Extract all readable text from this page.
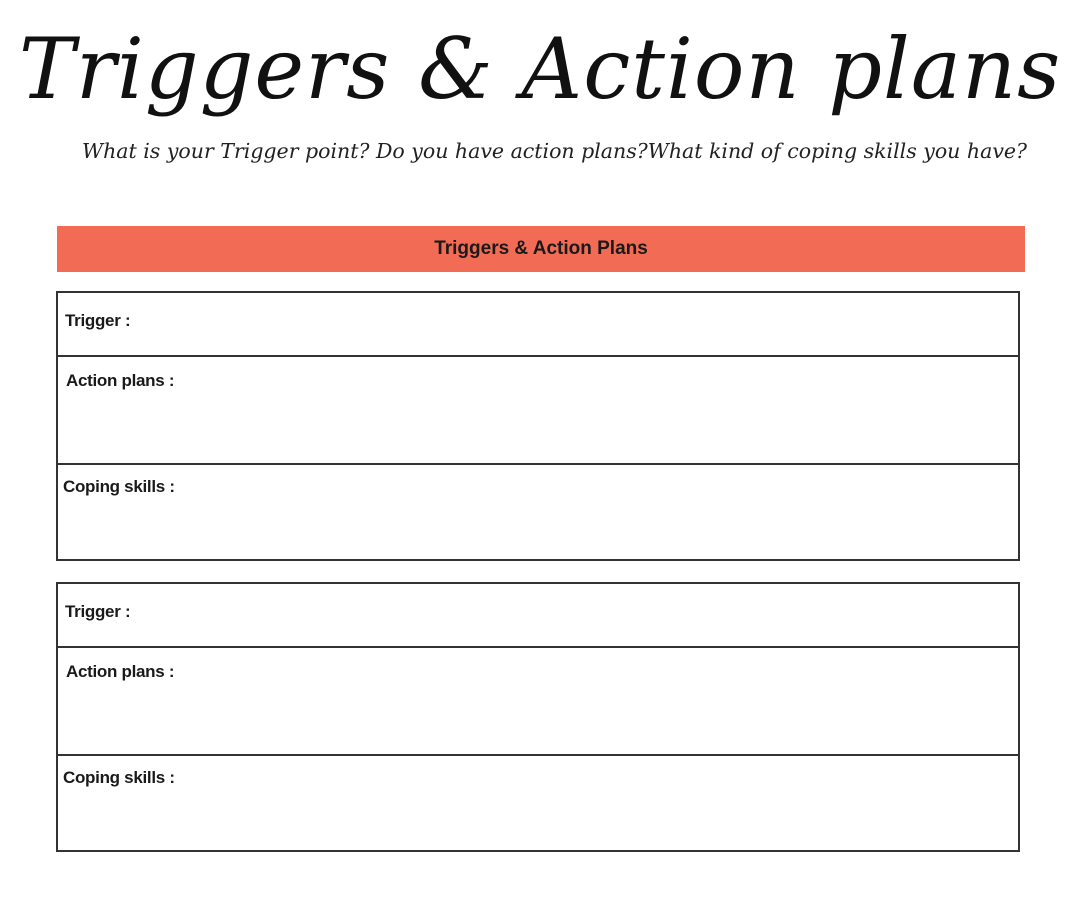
Triggers & Action plans

What is your Trigger point? Do you have action plans?What kind of coping skills you have?

Triggers & Action Plans
Trigger :
Action plans :
Coping skills :
Trigger :
Action plans :
Coping skills :
